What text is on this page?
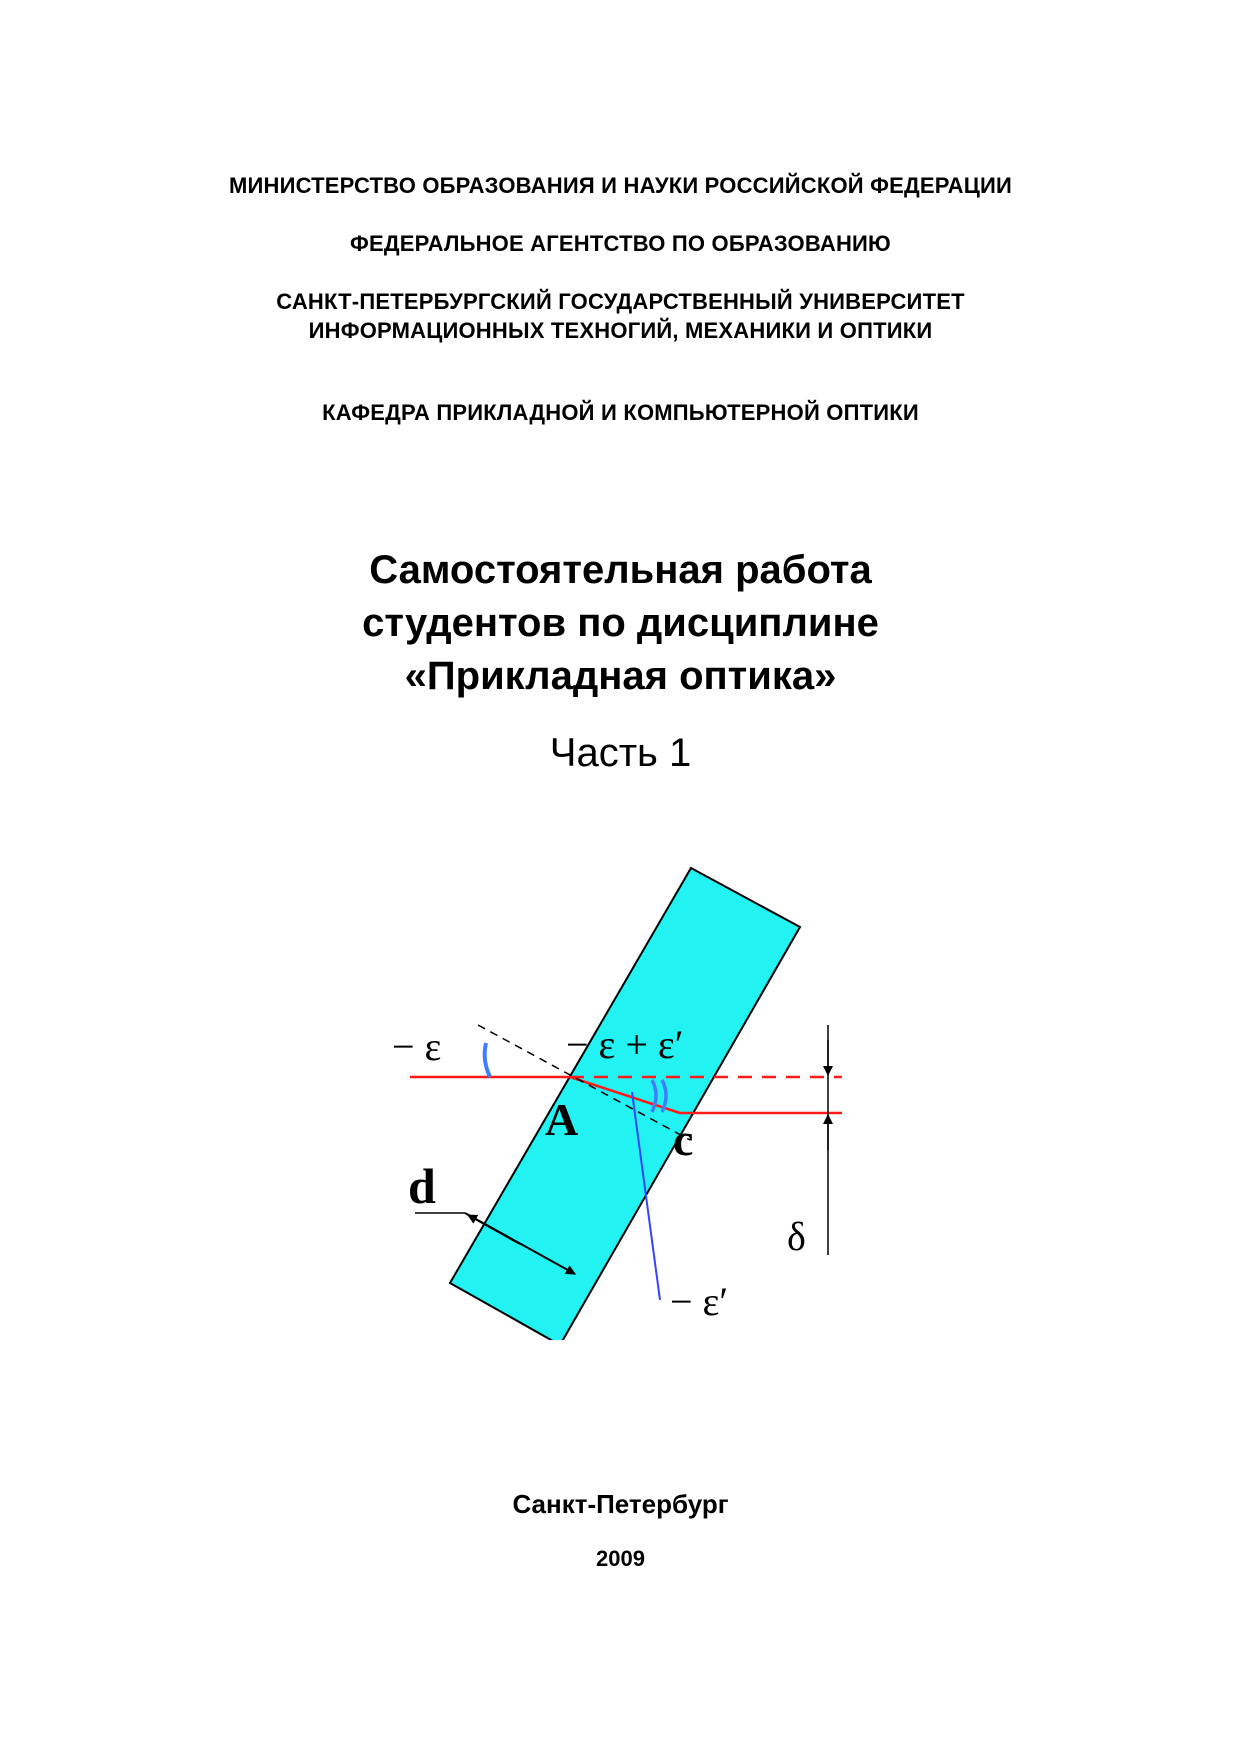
МИНИСТЕРСТВО ОБРАЗОВАНИЯ И НАУКИ РОССИЙСКОЙ ФЕДЕРАЦИИ
ФЕДЕРАЛЬНОЕ АГЕНТСТВО ПО ОБРАЗОВАНИЮ
САНКТ-ПЕТЕРБУРГСКИЙ ГОСУДАРСТВЕННЫЙ УНИВЕРСИТЕТ
ИНФОРМАЦИОННЫХ ТЕХНОГИЙ, МЕХАНИКИ И ОПТИКИ
КАФЕДРА ПРИКЛАДНОЙ И КОМПЬЮТЕРНОЙ ОПТИКИ
Самостоятельная работа
студентов по дисциплине
«Прикладная оптика»
Часть 1
− ε	− ε + ε′
A c
d
δ
− ε′
Санкт-Петербург
2009
